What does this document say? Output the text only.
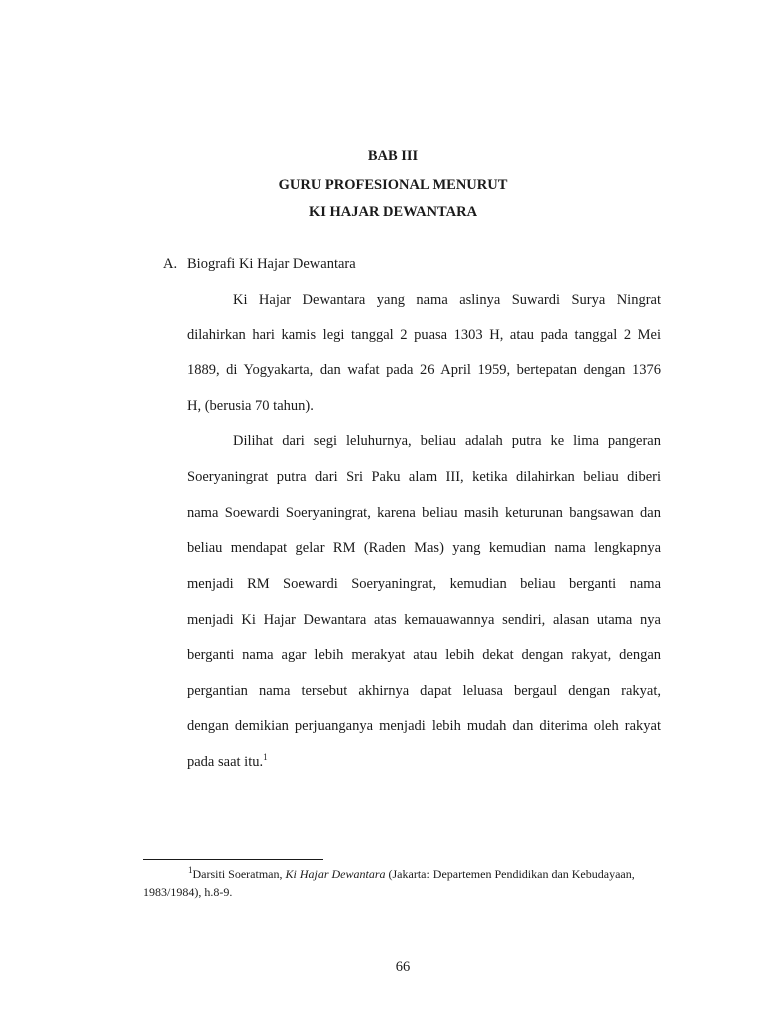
BAB III
GURU PROFESIONAL MENURUT
KI HAJAR DEWANTARA
A. Biografi Ki Hajar Dewantara
Ki Hajar Dewantara yang nama aslinya Suwardi Surya Ningrat
dilahirkan hari kamis legi tanggal 2 puasa 1303 H, atau pada tanggal 2 Mei
1889, di Yogyakarta, dan wafat pada 26 April 1959, bertepatan dengan 1376
H, (berusia 70 tahun).
Dilihat dari segi leluhurnya, beliau adalah putra ke lima pangeran
Soeryaningrat putra dari Sri Paku alam III, ketika dilahirkan beliau diberi
nama Soewardi Soeryaningrat, karena beliau masih keturunan bangsawan dan
beliau mendapat gelar RM (Raden Mas) yang kemudian nama lengkapnya
menjadi RM Soewardi Soeryaningrat, kemudian beliau berganti nama
menjadi Ki Hajar Dewantara atas kemauawannya sendiri, alasan utama nya
berganti nama agar lebih merakyat atau lebih dekat dengan rakyat, dengan
pergantian nama tersebut akhirnya dapat leluasa bergaul dengan rakyat,
dengan demikian perjuanganya menjadi lebih mudah dan diterima oleh rakyat
pada saat itu.$^1$
$^1$Darsiti Soeratman, Ki Hajar Dewantara (Jakarta: Departemen Pendidikan dan Kebudayaan,
1983/1984), h.8-9.
66
